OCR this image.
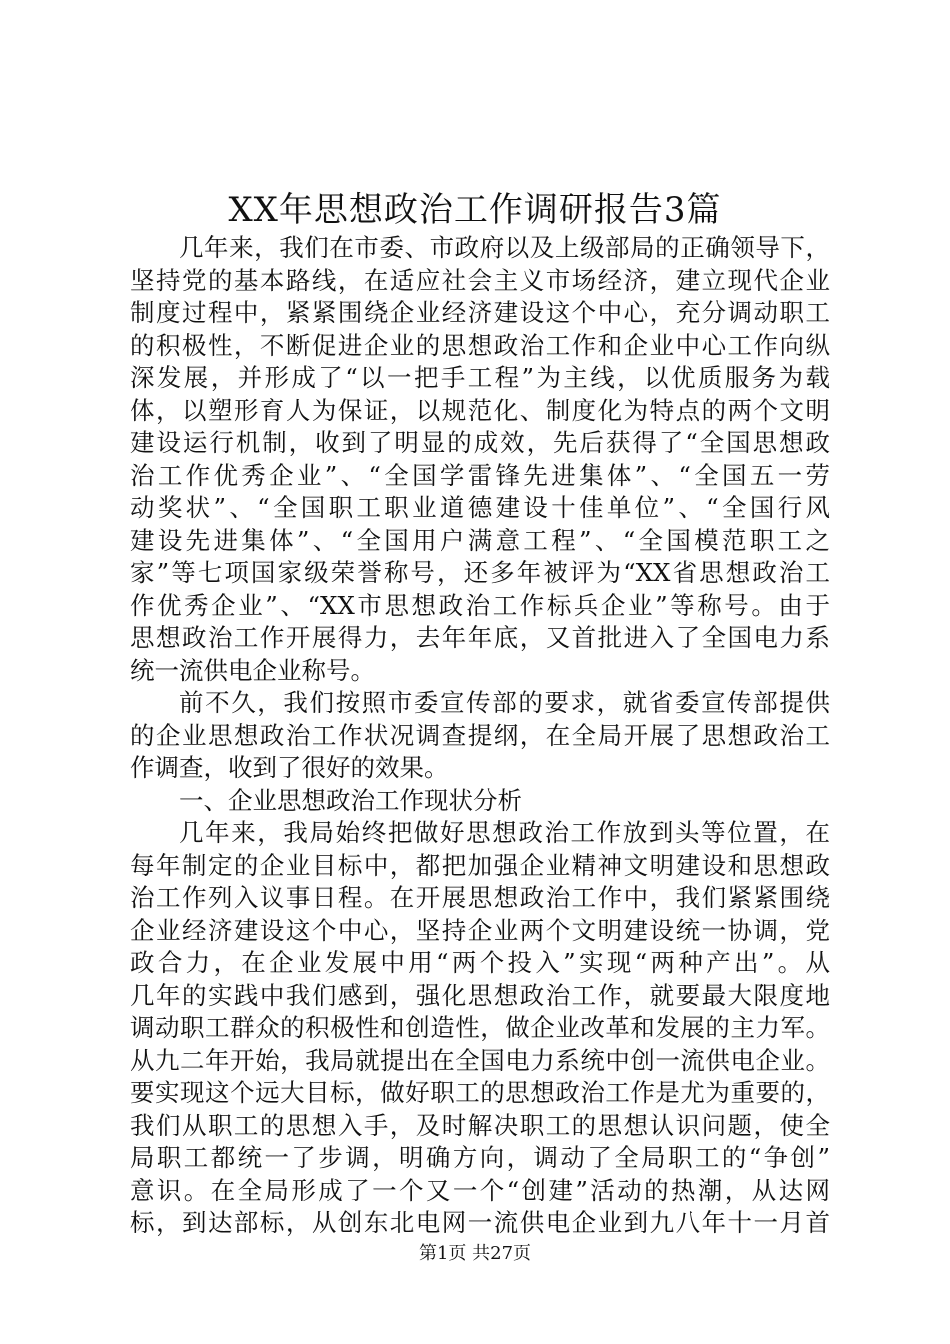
XX年思想政治工作调研报告3篇
几年来，我们在市委、市政府以及上级部局的正确领导下，
坚持党的基本路线，在适应社会主义市场经济，建立现代企业
制度过程中，紧紧围绕企业经济建设这个中心，充分调动职工
的积极性，不断促进企业的思想政治工作和企业中心工作向纵
深发展，并形成了“以一把手工程”为主线，以优质服务为载
体，以塑形育人为保证，以规范化、制度化为特点的两个文明
建设运行机制，收到了明显的成效，先后获得了“全国思想政
治工作优秀企业”、“全国学雷锋先进集体”、“全国五一劳
动奖状”、“全国职工职业道德建设十佳单位”、“全国行风
建设先进集体”、“全国用户满意工程”、“全国模范职工之
家”等七项国家级荣誉称号，还多年被评为“XX省思想政治工
作优秀企业”、“XX市思想政治工作标兵企业”等称号。由于
思想政治工作开展得力，去年年底，又首批进入了全国电力系
统一流供电企业称号。
前不久，我们按照市委宣传部的要求，就省委宣传部提供
的企业思想政治工作状况调查提纲，在全局开展了思想政治工
作调查，收到了很好的效果。
一、企业思想政治工作现状分析
几年来，我局始终把做好思想政治工作放到头等位置，在
每年制定的企业目标中，都把加强企业精神文明建设和思想政
治工作列入议事日程。在开展思想政治工作中，我们紧紧围绕
企业经济建设这个中心，坚持企业两个文明建设统一协调，党
政合力，在企业发展中用“两个投入”实现“两种产出”。从
几年的实践中我们感到，强化思想政治工作，就要最大限度地
调动职工群众的积极性和创造性，做企业改革和发展的主力军。
从九二年开始，我局就提出在全国电力系统中创一流供电企业。
要实现这个远大目标，做好职工的思想政治工作是尤为重要的，
我们从职工的思想入手，及时解决职工的思想认识问题，使全
局职工都统一了步调，明确方向，调动了全局职工的“争创”
意识。在全局形成了一个又一个“创建”活动的热潮，从达网
标，到达部标，从创东北电网一流供电企业到九八年十一月首
第1页 共27页
